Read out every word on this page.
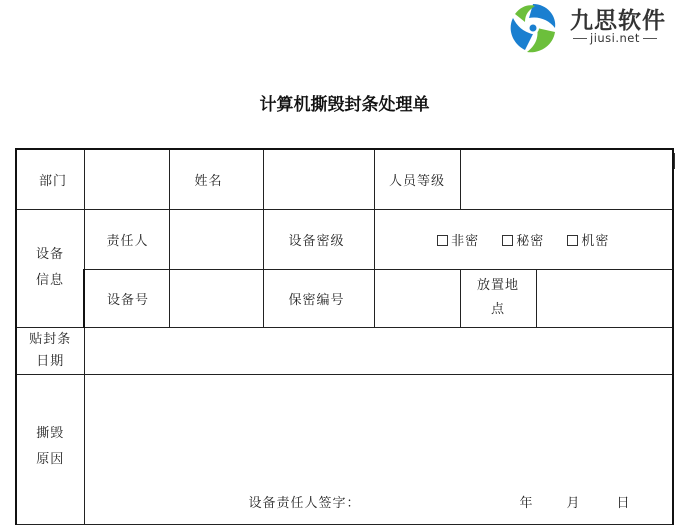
九思软件
jiusi.net
计算机撕毁封条处理单
部门		姓名		人员等级		

设备信息	责任人		设备密级	非密 秘密 机密		
	设备号		保密编号		放置地点	

贴封条日期						

撕毁原因	设备责任人签字： 年 月 日					
